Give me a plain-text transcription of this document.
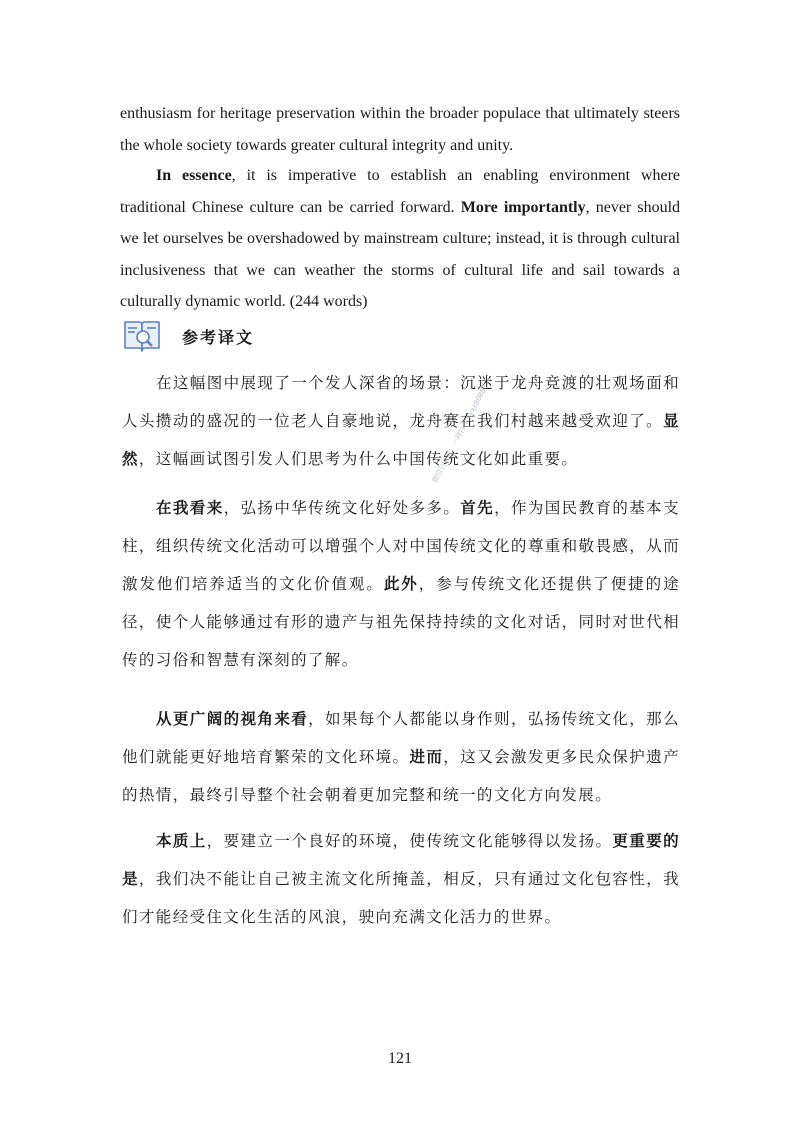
enthusiasm for heritage preservation within the broader populace that ultimately steers the whole society towards greater cultural integrity and unity.

In essence, it is imperative to establish an enabling environment where traditional Chinese culture can be carried forward. More importantly, never should we let ourselves be overshadowed by mainstream culture; instead, it is through cultural inclusiveness that we can weather the storms of cultural life and sail towards a culturally dynamic world. (244 words)

参考译文

在这幅图中展现了一个发人深省的场景：沉迷于龙舟竞渡的壮观场面和人头攒动的盛况的一位老人自豪地说，龙舟赛在我们村越来越受欢迎了。显然，这幅画试图引发人们思考为什么中国传统文化如此重要。

在我看来，弘扬中华传统文化好处多多。首先，作为国民教育的基本支柱，组织传统文化活动可以增强个人对中国传统文化的尊重和敬畏感，从而激发他们培养适当的文化价值观。此外，参与传统文化还提供了便捷的途径，使个人能够通过有形的遗产与祖先保持持续的文化对话，同时对世代相传的习俗和智慧有深刻的了解。

从更广阔的视角来看，如果每个人都能以身作则，弘扬传统文化，那么他们就能更好地培育繁荣的文化环境。进而，这又会激发更多民众保护遗产的热情，最终引导整个社会朝着更加完整和统一的文化方向发展。

本质上，要建立一个良好的环境，使传统文化能够得以发扬。更重要的是，我们决不能让自己被主流文化所掩盖，相反，只有通过文化包容性，我们才能经受住文化生活的风浪，驶向充满文化活力的世界。

微信公众号：一网打尽 kyxz8088
121
